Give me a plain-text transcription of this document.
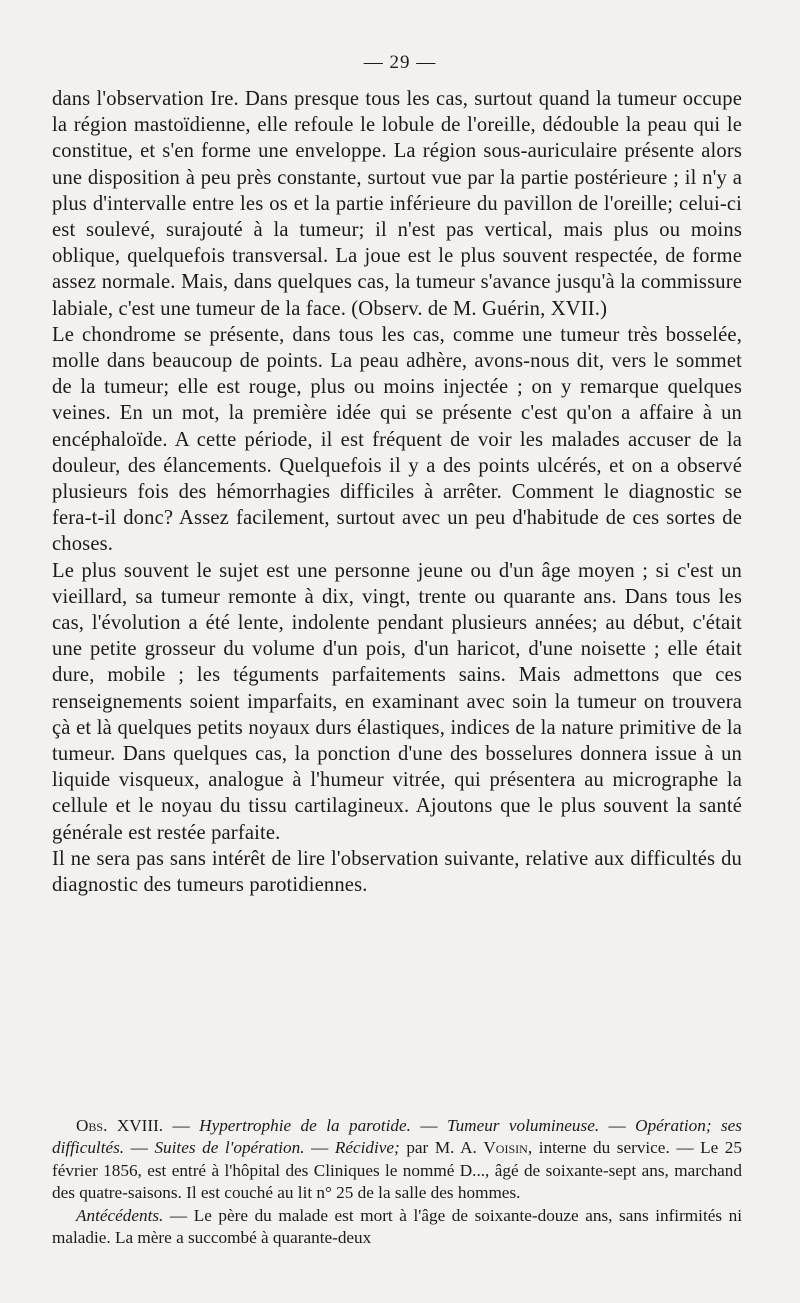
— 29 —

dans l'observation Ire. Dans presque tous les cas, surtout quand la tumeur occupe la région mastoïdienne, elle refoule le lobule de l'oreille, dédouble la peau qui le constitue, et s'en forme une enveloppe. La région sous-auriculaire présente alors une disposition à peu près constante, surtout vue par la partie postérieure ; il n'y a plus d'intervalle entre les os et la partie inférieure du pavillon de l'oreille; celui-ci est soulevé, surajouté à la tumeur; il n'est pas vertical, mais plus ou moins oblique, quelquefois transversal. La joue est le plus souvent respectée, de forme assez normale. Mais, dans quelques cas, la tumeur s'avance jusqu'à la commissure labiale, c'est une tumeur de la face. (Observ. de M. Guérin, XVII.)

Le chondrome se présente, dans tous les cas, comme une tumeur très bosselée, molle dans beaucoup de points. La peau adhère, avons-nous dit, vers le sommet de la tumeur; elle est rouge, plus ou moins injectée ; on y remarque quelques veines. En un mot, la première idée qui se présente c'est qu'on a affaire à un encéphaloïde. A cette période, il est fréquent de voir les malades accuser de la douleur, des élancements. Quelquefois il y a des points ulcérés, et on a observé plusieurs fois des hémorrhagies difficiles à arrêter. Comment le diagnostic se fera-t-il donc? Assez facilement, surtout avec un peu d'habitude de ces sortes de choses.

Le plus souvent le sujet est une personne jeune ou d'un âge moyen ; si c'est un vieillard, sa tumeur remonte à dix, vingt, trente ou quarante ans. Dans tous les cas, l'évolution a été lente, indolente pendant plusieurs années; au début, c'était une petite grosseur du volume d'un pois, d'un haricot, d'une noisette ; elle était dure, mobile ; les téguments parfaitements sains. Mais admettons que ces renseignements soient imparfaits, en examinant avec soin la tumeur on trouvera çà et là quelques petits noyaux durs élastiques, indices de la nature primitive de la tumeur. Dans quelques cas, la ponction d'une des bosselures donnera issue à un liquide visqueux, analogue à l'humeur vitrée, qui présentera au micrographe la cellule et le noyau du tissu cartilagineux. Ajoutons que le plus souvent la santé générale est restée parfaite.

Il ne sera pas sans intérêt de lire l'observation suivante, relative aux difficultés du diagnostic des tumeurs parotidiennes.

Obs. XVIII. — Hypertrophie de la parotide. — Tumeur volumineuse. — Opération; ses difficultés. — Suites de l'opération. — Récidive; par M. A. Voisin, interne du service. — Le 25 février 1856, est entré à l'hôpital des Cliniques le nommé D..., âgé de soixante-sept ans, marchand des quatre-saisons. Il est couché au lit n° 25 de la salle des hommes.

Antécédents. — Le père du malade est mort à l'âge de soixante-douze ans, sans infirmités ni maladie. La mère a succombé à quarante-deux
